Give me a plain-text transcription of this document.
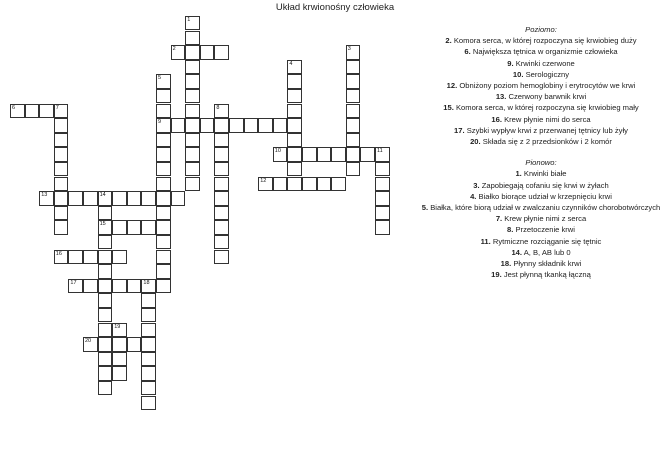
Układ krwionośny człowieka
1
2	3
4
5
9
6	7	8
10	11
12
13	14
15
16
17	18
19
20

Poziomo:

2. Komora serca, w której rozpoczyna się krwiobieg duży

6. Największa tętnica w organizmie człowieka

9. Krwinki czerwone

10. Serologiczny

12. Obniżony poziom hemoglobiny i erytrocytów we krwi

13. Czerwony barwnik krwi

15. Komora serca, w której rozpoczyna się krwiobieg mały

16. Krew płynie nimi do serca

17. Szybki wypływ krwi z przerwanej tętnicy lub żyły

20. Składa się z 2 przedsionków i 2 komór

Pionowo:

1. Krwinki białe

3. Zapobiegają cofaniu się krwi w żyłach

4. Białko biorące udział w krzepnięciu krwi

5. Białka, które biorą udział w zwalczaniu czynników chorobotwórczych

7. Krew płynie nimi z serca

8. Przetoczenie krwi

11. Rytmiczne rozciąganie się tętnic

14. A, B, AB lub 0

18. Płynny składnik krwi

19. Jest płynną tkanką łączną
